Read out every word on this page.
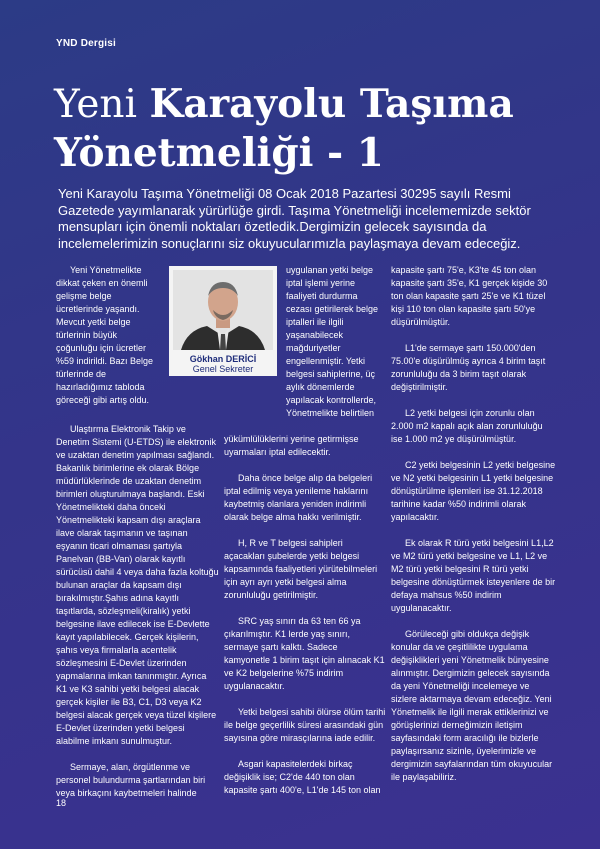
YND Dergisi
Yeni Karayolu Taşıma
Yönetmeliği - 1

Yeni Karayolu Taşıma Yönetmeliği 08 Ocak 2018 Pazartesi 30295 sayılı Resmi Gazetede yayımlanarak yürürlüğe girdi. Taşıma Yönetmeliği incelememizde sektör mensupları için önemli noktaları özetledik.Dergimizin gelecek sayısında da incelemelerimizin sonuçlarını siz okuyucularımızla paylaşmaya devam edeceğiz.

Yeni Yönetmelikte dikkat çeken en önemli gelişme belge ücretlerinde yaşandı. Mevcut yetki belge türlerinin büyük çoğunluğu için ücretler %59 indirildi. Bazı Belge türlerinde de hazırladığımız tabloda göreceği gibi artış oldu.

Gökhan DERİCİ
Genel Sekreter

Ulaştırma Elektronik Takip ve Denetim Sistemi (U-ETDS) ile elektronik ve uzaktan denetim yapılması sağlandı. Bakanlık birimlerine ek olarak Bölge müdürlüklerinde de uzaktan denetim birimleri oluşturulmaya başlandı. Eski Yönetmelikteki daha önceki Yönetmelikteki kapsam dışı araçlara ilave olarak taşımanın ve taşınan eşyanın ticari olmaması şartıyla Panelvan (BB-Van) olarak kayıtlı sürücüsü dahil 4 veya daha fazla koltuğu bulunan araçlar da kapsam dışı bırakılmıştır.Şahıs adına kayıtlı taşıtlarda, sözleşmeli(kiralık) yetki belgesine ilave edilecek ise E-Devlette kayıt yapılabilecek. Gerçek kişilerin, şahıs veya firmalarla acentelik sözleşmesini E-Devlet üzerinden yapmalarına imkan tanınmıştır. Ayrıca K1 ve K3 sahibi yetki belgesi alacak gerçek kişiler ile B3, C1, D3 veya K2 belgesi alacak gerçek veya tüzel kişilere E-Devlet üzerinden yetki belgesi alabilme imkanı sunulmuştur.

Sermaye, alan, örgütlenme ve personel bulundurma şartlarından biri veya birkaçını kaybetmeleri halinde

uygulanan yetki belge iptal işlemi yerine faaliyeti durdurma cezası getirilerek belge iptalleri ile ilgili yaşanabilecek mağduriyetler engellenmiştir. Yetki belgesi sahiplerine, üç aylık dönemlerde yapılacak kontrollerde, Yönetmelikte belirtilen

yükümlülüklerini yerine getirmişse uyarmaları iptal edilecektir.

Daha önce belge alıp da belgeleri iptal edilmiş veya yenileme haklarını kaybetmiş olanlara yeniden indirimli olarak belge alma hakkı verilmiştir.

H, R ve T belgesi sahipleri açacakları şubelerde yetki belgesi kapsamında faaliyetleri yürütebilmeleri için ayrı ayrı yetki belgesi alma zorunluluğu getirilmiştir.

SRC yaş sınırı da 63 ten 66 ya çıkarılmıştır. K1 lerde yaş sınırı, sermaye şartı kalktı. Sadece kamyonetle 1 birim taşıt için alınacak K1 ve K2 belgelerine %75 indirim uygulanacaktır.

Yetki belgesi sahibi ölürse ölüm tarihi ile belge geçerlilik süresi arasındaki gün sayısına göre mirasçılarına iade edilir.

Asgari kapasitelerdeki birkaç değişiklik ise; C2'de 440 ton olan kapasite şartı 400'e, L1'de 145 ton olan

kapasite şartı 75'e, K3'te 45 ton olan kapasite şartı 35'e, K1 gerçek kişide 30 ton olan kapasite şartı 25'e ve K1 tüzel kişi 110 ton olan kapasite şartı 50'ye düşürülmüştür.

L1'de sermaye şartı 150.000'den 75.00'e düşürülmüş ayrıca 4 birim taşıt zorunluluğu da 3 birim taşıt olarak değiştirilmiştir.

L2 yetki belgesi için zorunlu olan 2.000 m2 kapalı açık alan zorunluluğu ise 1.000 m2 ye düşürülmüştür.

C2 yetki belgesinin L2 yetki belgesine ve N2 yetki belgesinin L1 yetki belgesine dönüştürülme işlemleri ise 31.12.2018 tarihine kadar %50 indirimli olarak yapılacaktır.

Ek olarak R türü yetki belgesini L1,L2 ve M2 türü yetki belgesine ve L1, L2 ve M2 türü yetki belgesini R türü yetki belgesine dönüştürmek isteyenlere de bir defaya mahsus %50 indirim uygulanacaktır.

Görüleceği gibi oldukça değişik konular da ve çeşitlilikte uygulama değişiklikleri yeni Yönetmelik bünyesine alınmıştır. Dergimizin gelecek sayısında da yeni Yönetmeliği incelemeye ve sizlere aktarmaya devam edeceğiz. Yeni Yönetmelik ile ilgili merak ettiklerinizi ve görüşlerinizi derneğimizin iletişim sayfasındaki form aracılığı ile bizlerle paylaşırsanız sizinle, üyelerimizle ve dergimizin sayfalarından tüm okuyucular ile paylaşabiliriz.

18
